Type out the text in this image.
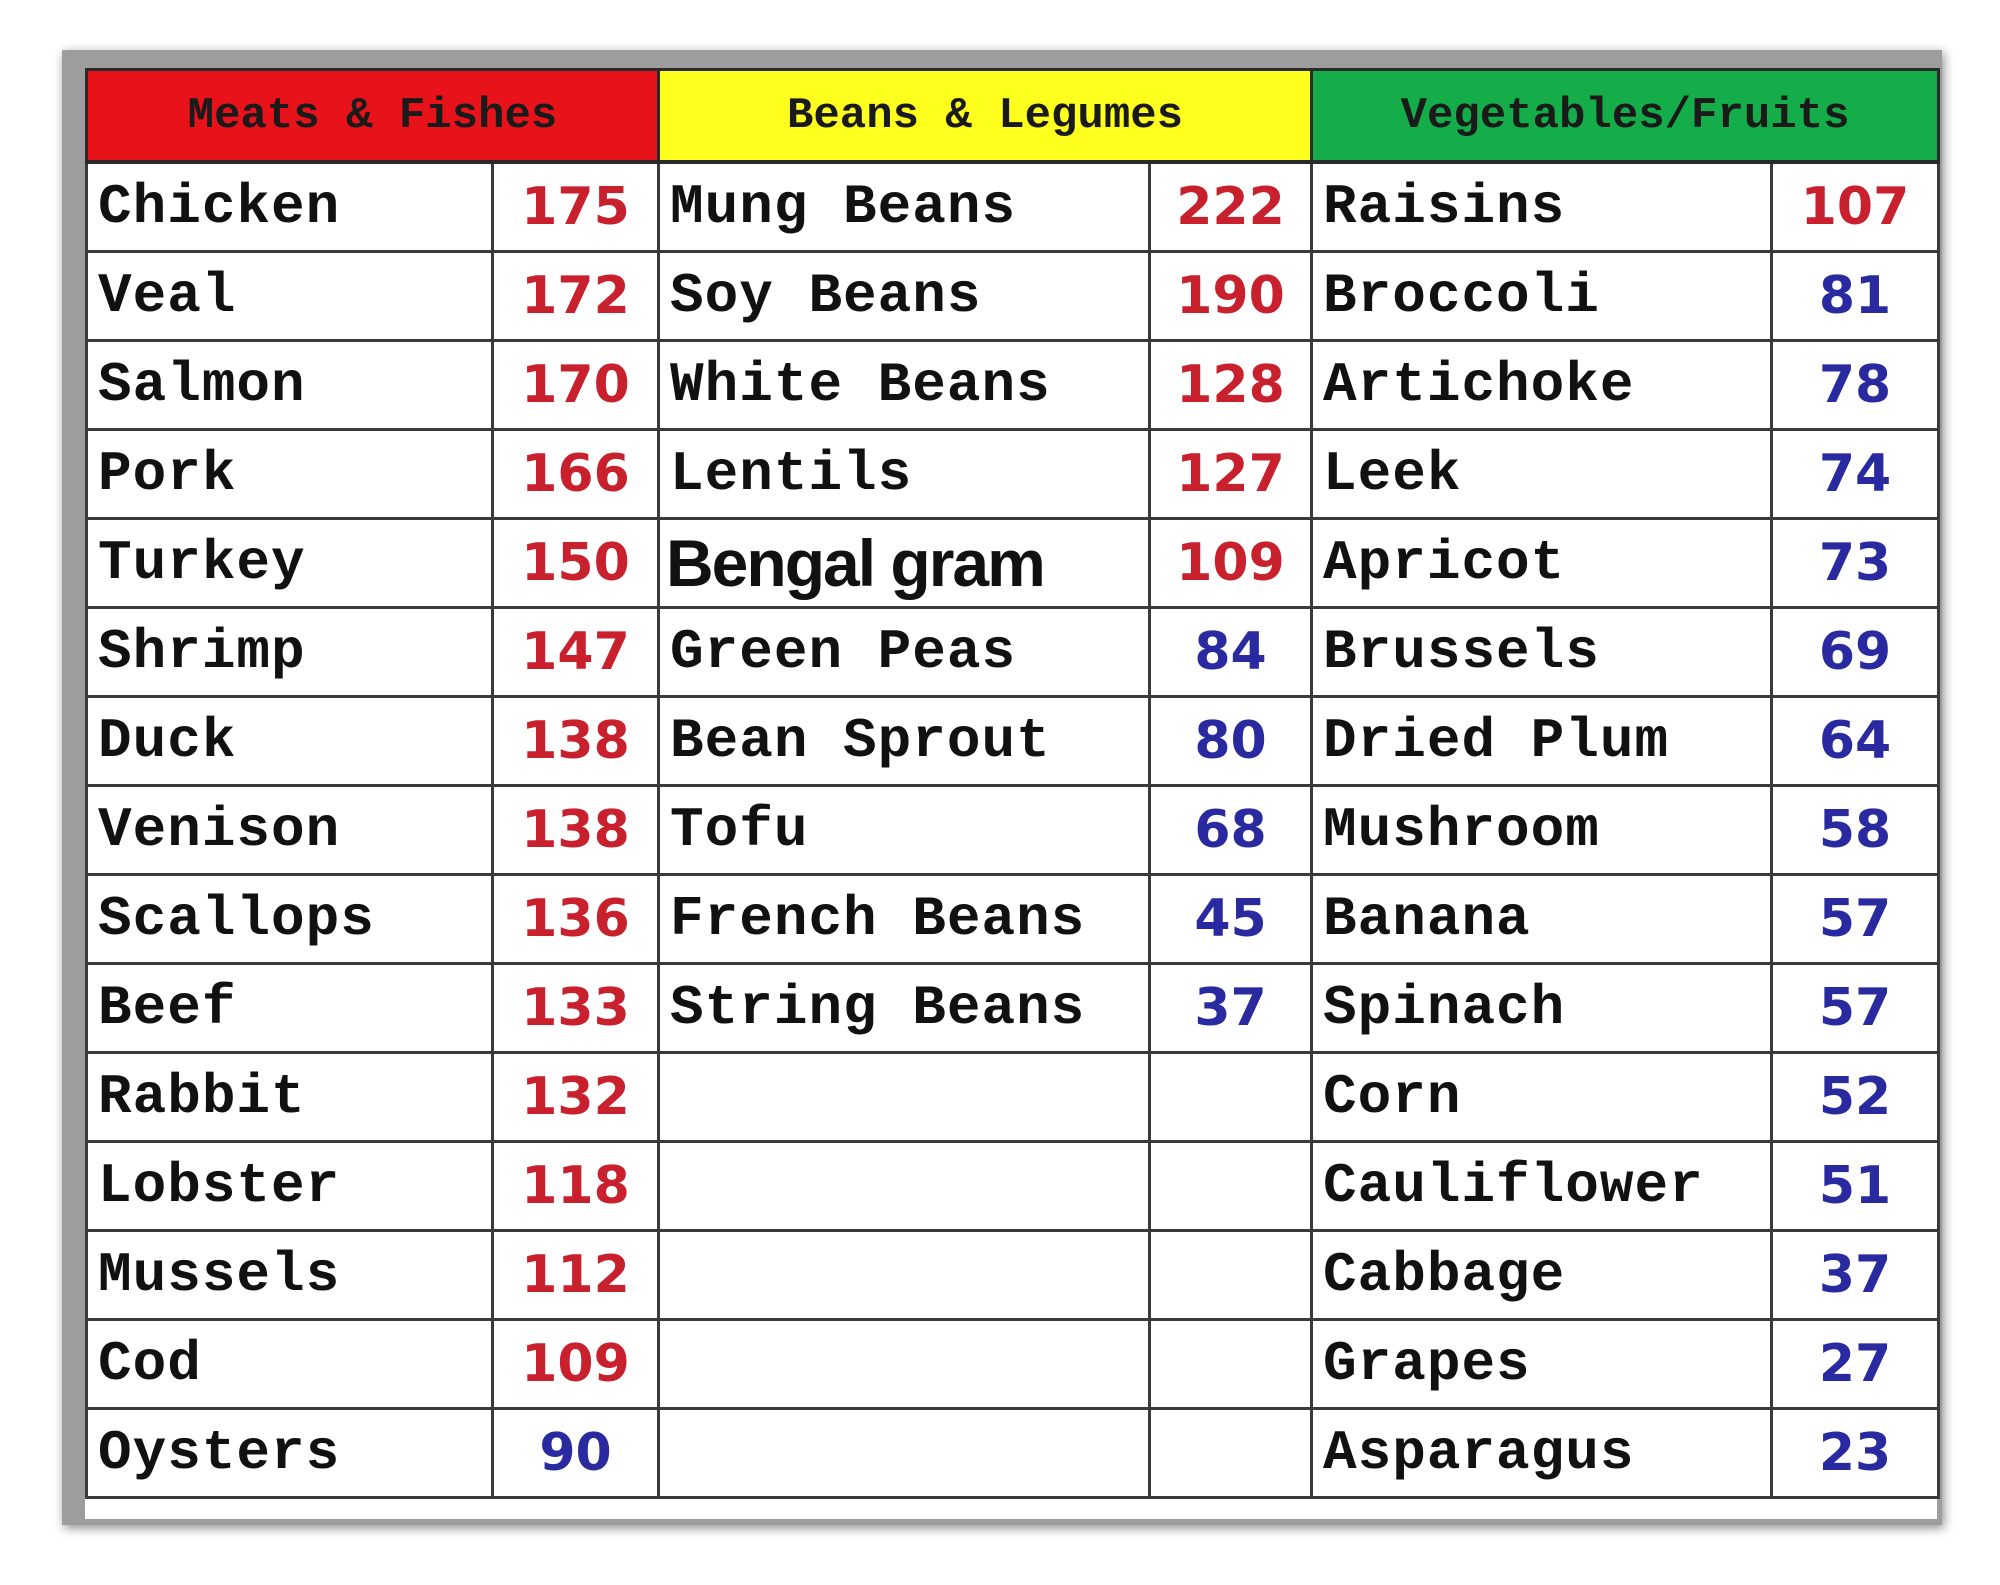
Meats & Fishes		Beans & Legumes		Vegetables/Fruits	
Chicken	175	Mung Beans	222	Raisins	107
Veal	172	Soy Beans	190	Broccoli	81
Salmon	170	White Beans	128	Artichoke	78
Pork	166	Lentils	127	Leek	74
Turkey	150	Bengal gram	109	Apricot	73
Shrimp	147	Green Peas	84	Brussels	69
Duck	138	Bean Sprout	80	Dried Plum	64
Venison	138	Tofu	68	Mushroom	58
Scallops	136	French Beans	45	Banana	57
Beef	133	String Beans	37	Spinach	57
Rabbit	132			Corn	52
Lobster	118			Cauliflower	51
Mussels	112			Cabbage	37
Cod	109			Grapes	27
Oysters	90			Asparagus	23
